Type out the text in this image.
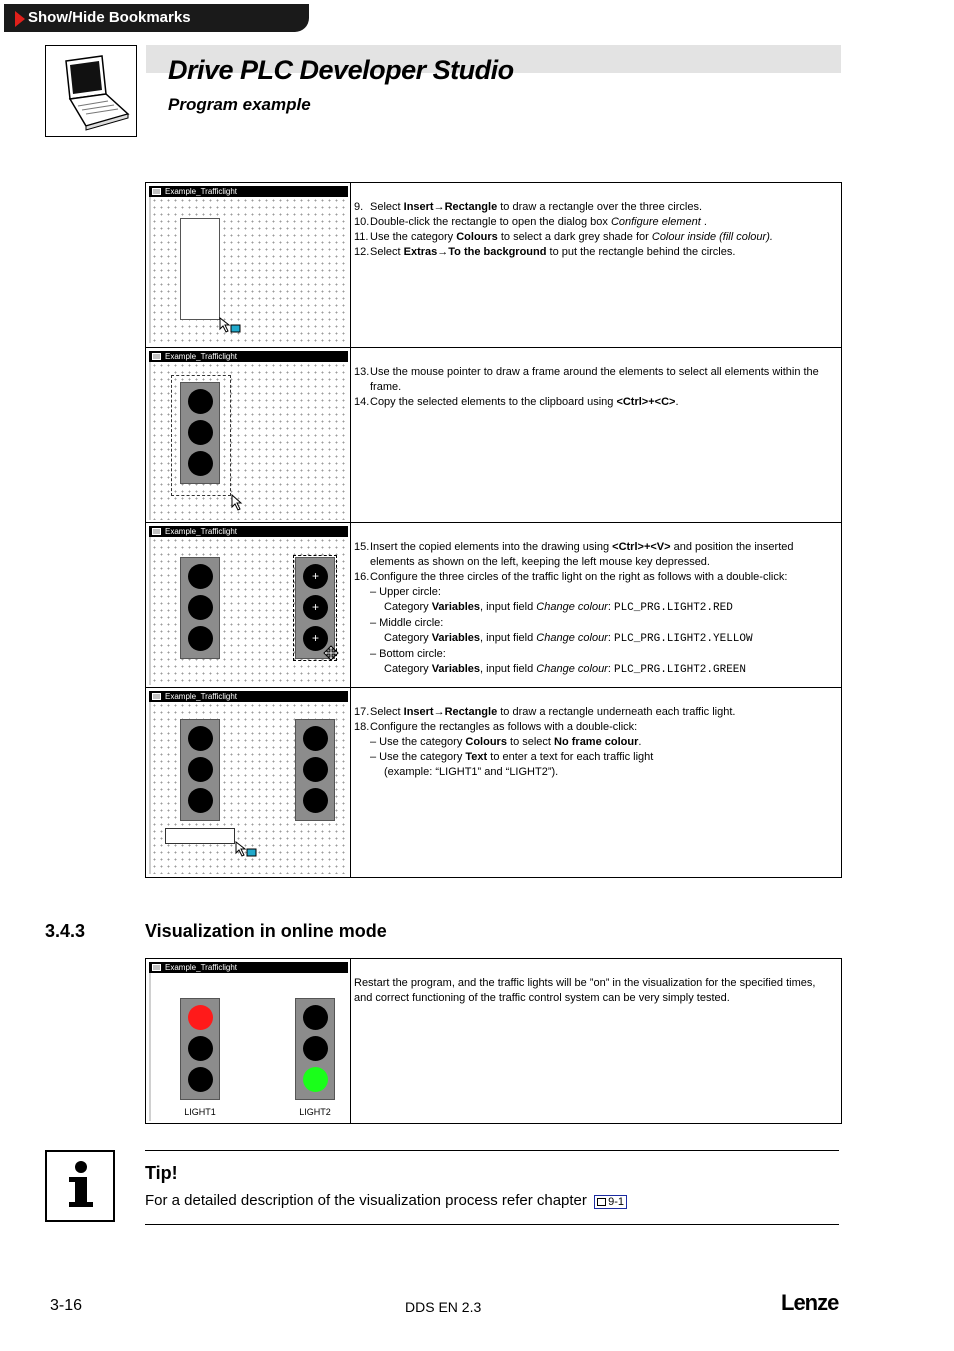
Show/Hide Bookmarks
Drive PLC Developer Studio
Program example
Example_Trafficlight
9. Select Insert→Rectangle to draw a rectangle over the three circles.
10.Double-click the rectangle to open the dialog box Configure element .
11. Use the category Colours to select a dark grey shade for Colour inside (fill colour).
12.Select Extras→To the background to put the rectangle behind the circles.
Example_Trafficlight
13.Use the mouse pointer to draw a frame around the elements to select all elements within the
frame.
14.Copy the selected elements to the clipboard using <Ctrl>+<C>.
Example_Trafficlight
+
+
+
15.Insert the copied elements into the drawing using <Ctrl>+<V> and position the inserted
elements as shown on the left, keeping the left mouse key depressed.
16.Configure the three circles of the traffic light on the right as follows with a double-click:
– Upper circle:
Category Variables, input field Change colour: PLC_PRG.LIGHT2.RED
– Middle circle:
Category Variables, input field Change colour: PLC_PRG.LIGHT2.YELLOW
– Bottom circle:
Category Variables, input field Change colour: PLC_PRG.LIGHT2.GREEN
Example_Trafficlight
17.Select Insert→Rectangle to draw a rectangle underneath each traffic light.
18.Configure the rectangles as follows with a double-click:
– Use the category Colours to select No frame colour.
– Use the category Text to enter a text for each traffic light
(example: “LIGHT1” and “LIGHT2”).
3.4.3	Visualization in online mode
Example_Trafficlight
LIGHT1	LIGHT2
Restart the program, and the traffic lights will be ”on” in the visualization for the specified times,
and correct functioning of the traffic control system can be very simply tested.
Tip!
For a detailed description of the visualization process refer chapter 9-1
3-16	DDS EN 2.3	Lenze
